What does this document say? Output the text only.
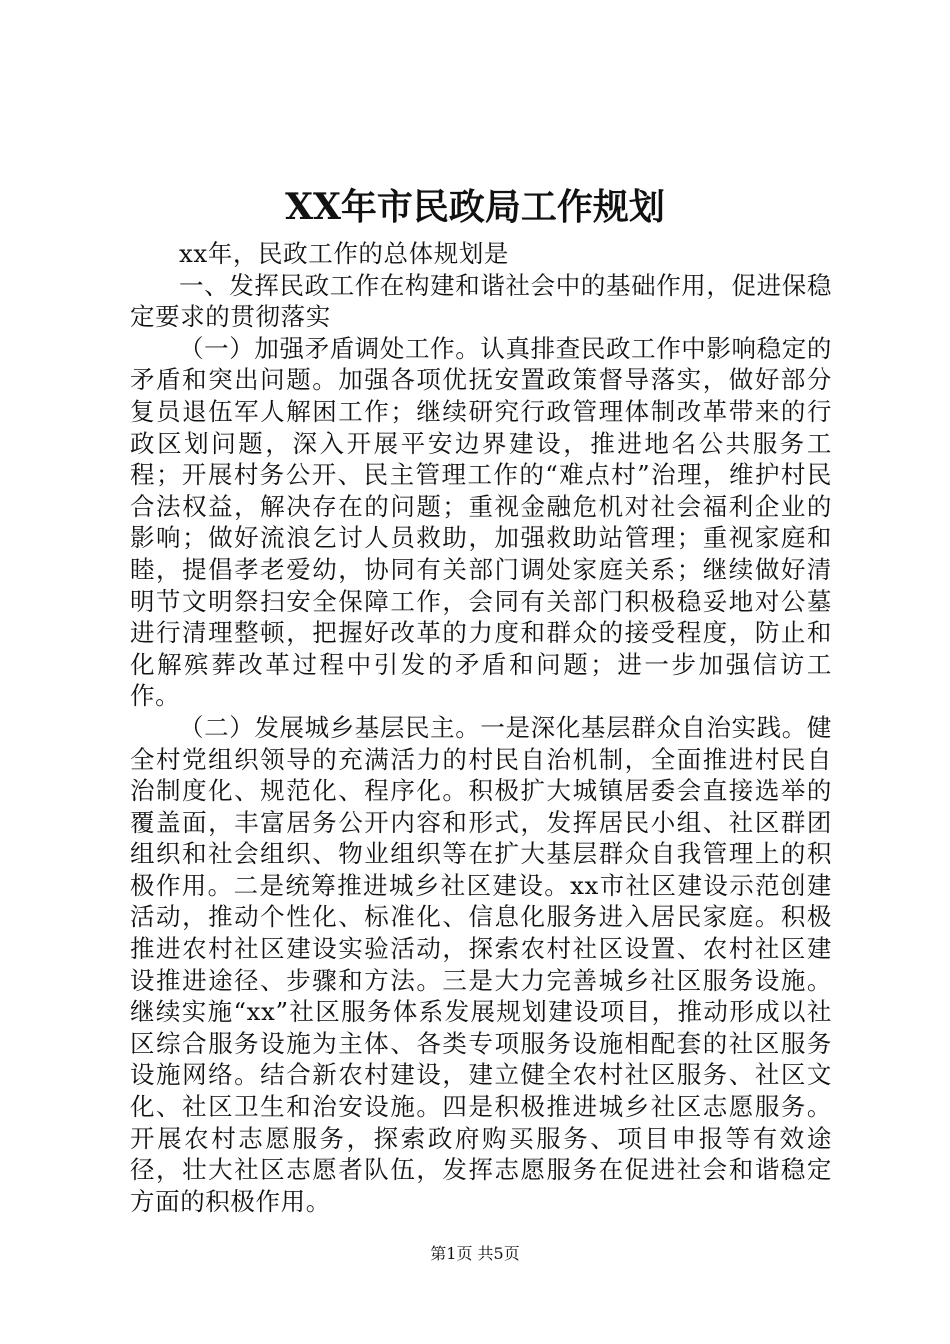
XX年市民政局工作规划

xx年，民政工作的总体规划是

一、发挥民政工作在构建和谐社会中的基础作用，促进保稳定要求的贯彻落实

（一）加强矛盾调处工作。认真排查民政工作中影响稳定的矛盾和突出问题。加强各项优抚安置政策督导落实，做好部分复员退伍军人解困工作；继续研究行政管理体制改革带来的行政区划问题，深入开展平安边界建设，推进地名公共服务工程；开展村务公开、民主管理工作的“难点村”治理，维护村民合法权益，解决存在的问题；重视金融危机对社会福利企业的影响；做好流浪乞讨人员救助，加强救助站管理；重视家庭和睦，提倡孝老爱幼，协同有关部门调处家庭关系；继续做好清明节文明祭扫安全保障工作，会同有关部门积极稳妥地对公墓进行清理整顿，把握好改革的力度和群众的接受程度，防止和化解殡葬改革过程中引发的矛盾和问题；进一步加强信访工作。

（二）发展城乡基层民主。一是深化基层群众自治实践。健全村党组织领导的充满活力的村民自治机制，全面推进村民自治制度化、规范化、程序化。积极扩大城镇居委会直接选举的覆盖面，丰富居务公开内容和形式，发挥居民小组、社区群团组织和社会组织、物业组织等在扩大基层群众自我管理上的积极作用。二是统筹推进城乡社区建设。xx市社区建设示范创建活动，推动个性化、标准化、信息化服务进入居民家庭。积极推进农村社区建设实验活动，探索农村社区设置、农村社区建设推进途径、步骤和方法。三是大力完善城乡社区服务设施。继续实施“xx”社区服务体系发展规划建设项目，推动形成以社区综合服务设施为主体、各类专项服务设施相配套的社区服务设施网络。结合新农村建设，建立健全农村社区服务、社区文化、社区卫生和治安设施。四是积极推进城乡社区志愿服务。开展农村志愿服务，探索政府购买服务、项目申报等有效途径，壮大社区志愿者队伍，发挥志愿服务在促进社会和谐稳定方面的积极作用。

第1页 共5页
